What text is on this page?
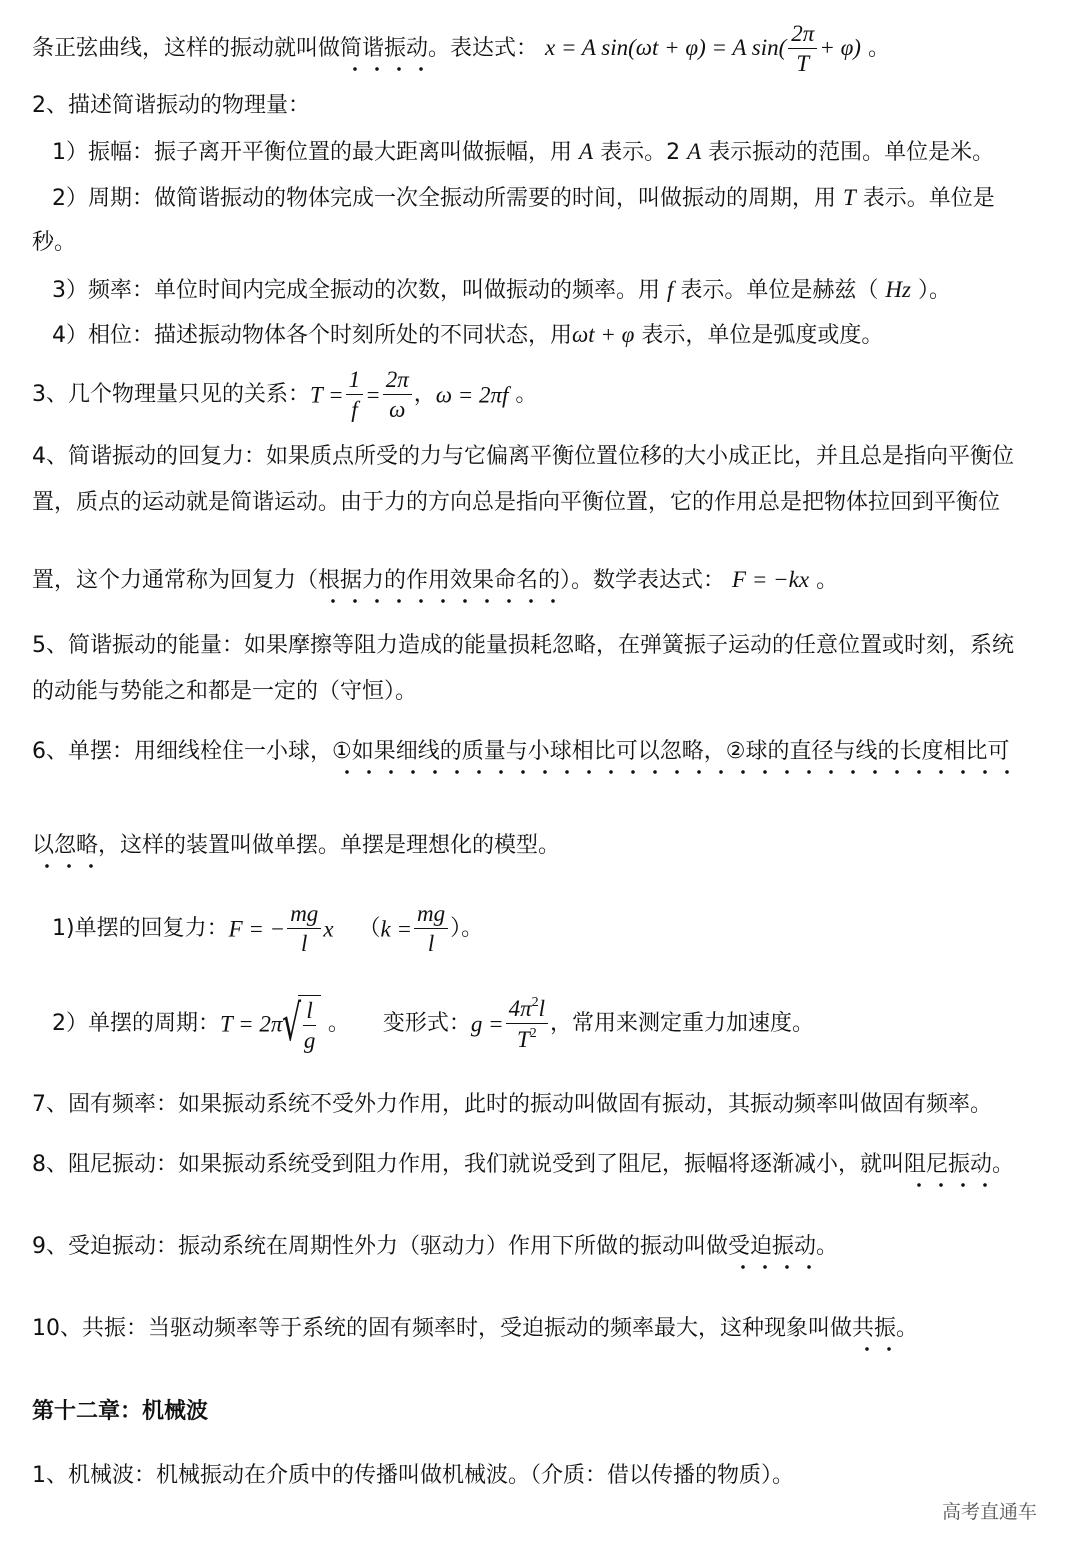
条正弦曲线，这样的振动就叫做简谐振动。表达式： x = A sin(ωt + φ) = A $\sin( \frac{2\pi}{T} + \varphi)$ 。
2、描述简谐振动的物理量：
1）振幅：振子离开平衡位置的最大距离叫做振幅，用 A 表示。2 A 表示振动的范围。单位是米。
2）周期：做简谐振动的物体完成一次全振动所需要的时间，叫做振动的周期，用 T 表示。单位是
秒。
3）频率：单位时间内完成全振动的次数，叫做振动的频率。用 f 表示。单位是赫兹（ Hz ）。
4）相位：描述振动物体各个时刻所处的不同状态，用ωt + φ 表示，单位是弧度或度。
3、几个物理量只见的关系：$T = \frac{1}{f} = \frac{2\pi}{\omega}$ ，ω = 2πf 。
4、简谐振动的回复力：如果质点所受的力与它偏离平衡位置位移的大小成正比，并且总是指向平衡位
置，质点的运动就是简谐运动。由于力的方向总是指向平衡位置，它的作用总是把物体拉回到平衡位
置，这个力通常称为回复力（根据力的作用效果命名的）。数学表达式： F = −kx 。
5、简谐振动的能量：如果摩擦等阻力造成的能量损耗忽略，在弹簧振子运动的任意位置或时刻，系统
的动能与势能之和都是一定的（守恒）。
6、单摆：用细线栓住一小球，①如果细线的质量与小球相比可以忽略，②球的直径与线的长度相比可
以忽略，这样的装置叫做单摆。单摆是理想化的模型。
1)单摆的回复力：F = − $\frac{mg}{l}$ x （$k = \frac{mg}{l}$ ）。
2）单摆的周期：T = 2π √ $\frac{l}{g}$ 。 变形式：$g = \frac{4\pi^2l}{T^2}$ ，常用来测定重力加速度。
7、固有频率：如果振动系统不受外力作用，此时的振动叫做固有振动，其振动频率叫做固有频率。
8、阻尼振动：如果振动系统受到阻力作用，我们就说受到了阻尼，振幅将逐渐减小，就叫阻尼振动。
9、受迫振动：振动系统在周期性外力（驱动力）作用下所做的振动叫做受迫振动。
10、共振：当驱动频率等于系统的固有频率时，受迫振动的频率最大，这种现象叫做共振。
第十二章：机械波
1、机械波：机械振动在介质中的传播叫做机械波。（介质：借以传播的物质）。
高考直通车
